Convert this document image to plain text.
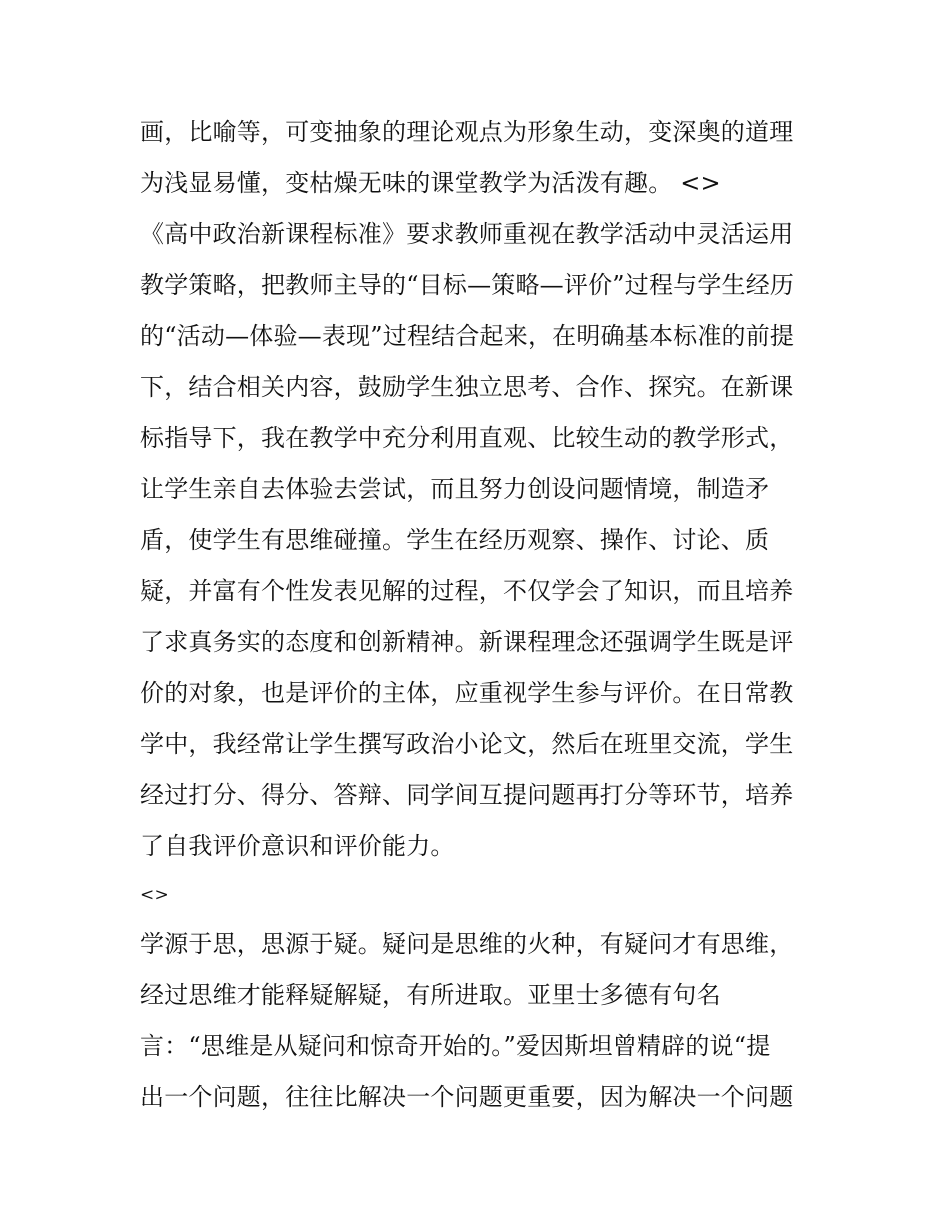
画，比喻等，可变抽象的理论观点为形象生动，变深奥的道理
为浅显易懂，变枯燥无味的课堂教学为活泼有趣。 <>
《高中政治新课程标准》要求教师重视在教学活动中灵活运用
教学策略，把教师主导的“目标—策略—评价”过程与学生经历
的“活动—体验—表现”过程结合起来，在明确基本标准的前提
下，结合相关内容，鼓励学生独立思考、合作、探究。在新课
标指导下，我在教学中充分利用直观、比较生动的教学形式，
让学生亲自去体验去尝试，而且努力创设问题情境，制造矛
盾，使学生有思维碰撞。学生在经历观察、操作、讨论、质
疑，并富有个性发表见解的过程，不仅学会了知识，而且培养
了求真务实的态度和创新精神。新课程理念还强调学生既是评
价的对象，也是评价的主体，应重视学生参与评价。在日常教
学中，我经常让学生撰写政治小论文，然后在班里交流，学生
经过打分、得分、答辩、同学间互提问题再打分等环节，培养
了自我评价意识和评价能力。
<>
学源于思，思源于疑。疑问是思维的火种，有疑问才有思维，
经过思维才能释疑解疑，有所进取。亚里士多德有句名
言：“思维是从疑问和惊奇开始的。”爱因斯坦曾精辟的说“提
出一个问题，往往比解决一个问题更重要，因为解决一个问题
